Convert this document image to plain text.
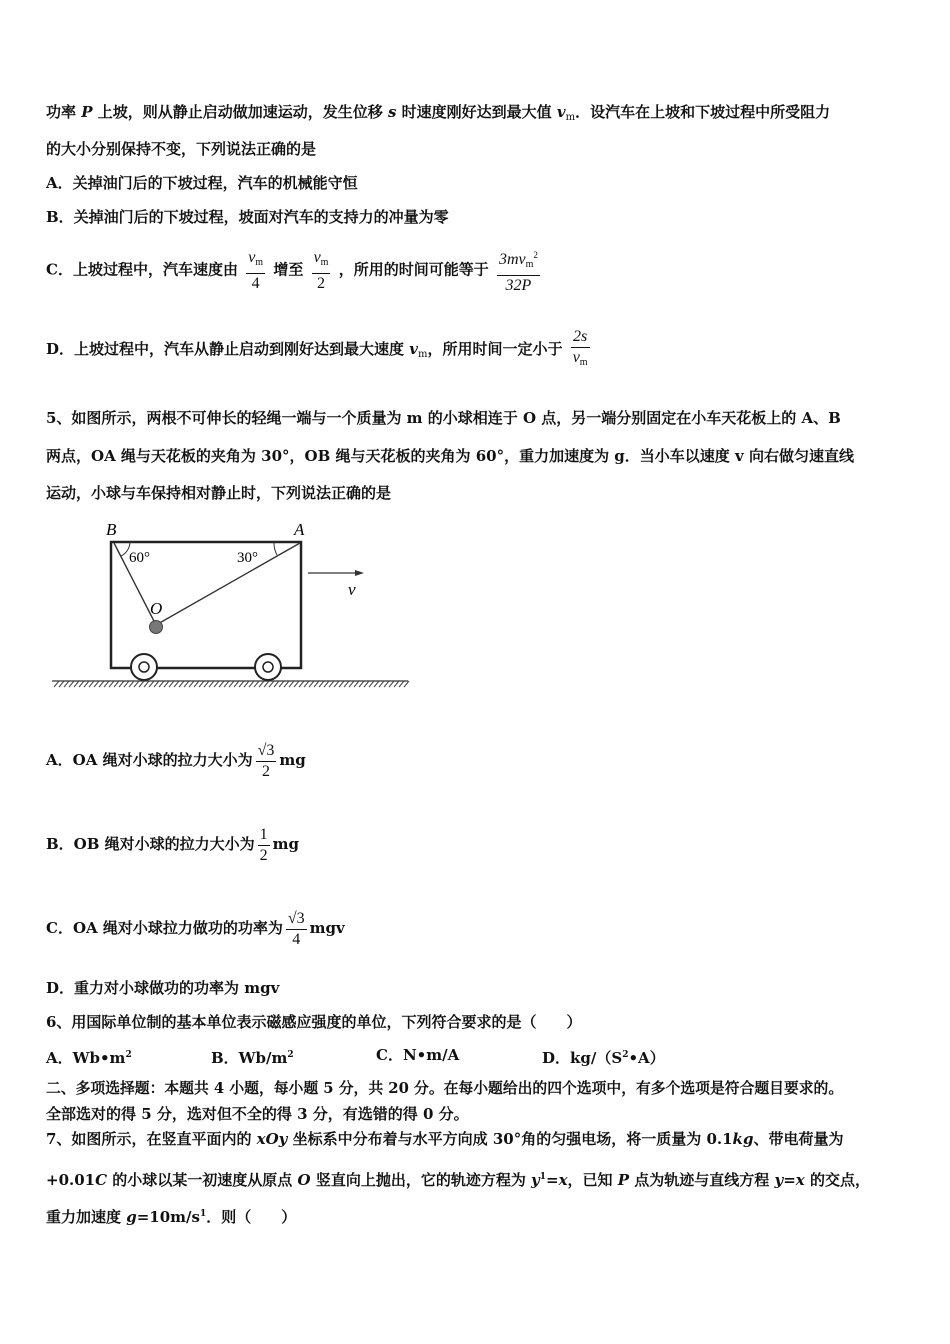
功率 P 上坡，则从静止启动做加速运动，发生位移 s 时速度刚好达到最大值 $v_m$．设汽车在上坡和下坡过程中所受阻力
的大小分别保持不变，下列说法正确的是
A．关掉油门后的下坡过程，汽车的机械能守恒
B．关掉油门后的下坡过程，坡面对汽车的支持力的冲量为零
C．上坡过程中，汽车速度由 $\frac{v_m}{4}$ 增至 $\frac{v_m}{2}$ ，所用的时间可能等于 $\frac{3mv_m^2}{32P}$
D．上坡过程中，汽车从静止启动到刚好达到最大速度 $v_m$，所用时间一定小于 $\frac{2s}{v_m}$
5、如图所示，两根不可伸长的轻绳一端与一个质量为 m 的小球相连于 O 点，另一端分别固定在小车天花板上的 A、B
两点，OA 绳与天花板的夹角为 30°，OB 绳与天花板的夹角为 60°，重力加速度为 g．当小车以速度 v 向右做匀速直线
运动，小球与车保持相对静止时，下列说法正确的是
B	A
O
v
60°	30°
A．OA 绳对小球的拉力大小为 $\frac{√3}{2}$ mg
B．OB 绳对小球的拉力大小为 $\frac{1}{2}$ mg
C．OA 绳对小球拉力做功的功率为 $\frac{√3}{4}$ mgv
D．重力对小球做功的功率为 mgv
6、用国际单位制的基本单位表示磁感应强度的单位，下列符合要求的是（　　）
A．$Wb•m^2$	B．$Wb/m^2$	C．N•m/A	D．$kg/(S^2•A)$
二、多项选择题：本题共 4 小题，每小题 5 分，共 20 分。在每小题给出的四个选项中，有多个选项是符合题目要求的。
全部选对的得 5 分，选对但不全的得 3 分，有选错的得 0 分。
7、如图所示，在竖直平面内的 xOy 坐标系中分布着与水平方向成 30°角的匀强电场，将一质量为 0.1kg、带电荷量为
+0.01C 的小球以某一初速度从原点 O 竖直向上抛出，它的轨迹方程为 $y^1=x$，已知 P 点为轨迹与直线方程 y=x 的交点，
重力加速度 $g=10m/s^1$．则（　　）
